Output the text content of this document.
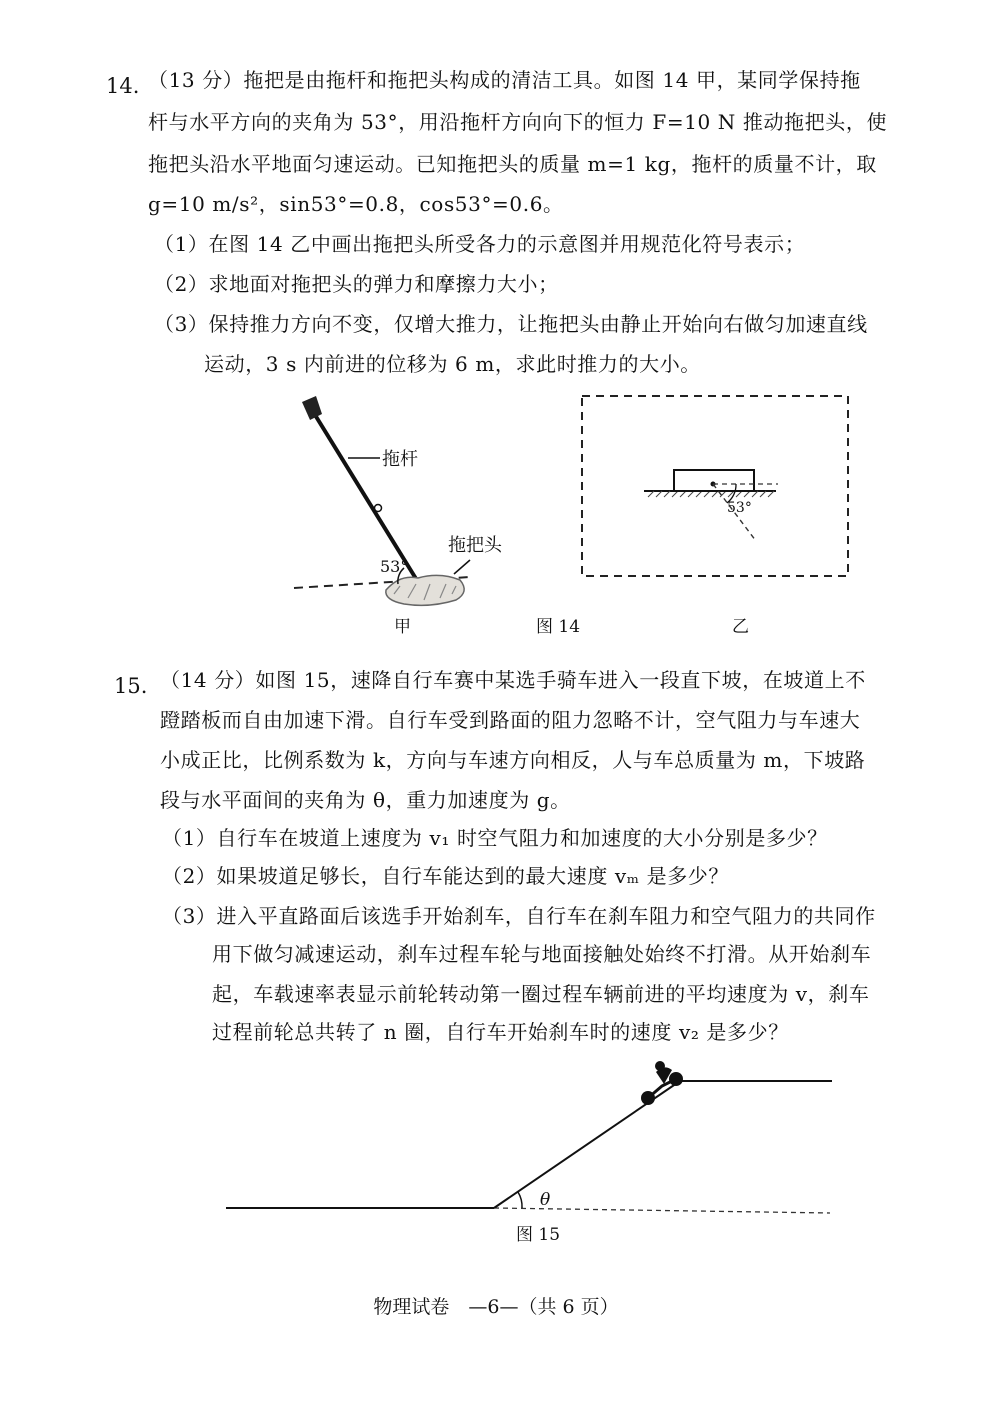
14. （13 分）拖把是由拖杆和拖把头构成的清洁工具。如图 14 甲，某同学保持拖
杆与水平方向的夹角为 53°，用沿拖杆方向向下的恒力 F=10 N 推动拖把头，使
拖把头沿水平地面匀速运动。已知拖把头的质量 m=1 kg，拖杆的质量不计，取
g=10 m/s²，sin53°=0.8，cos53°=0.6。
（1）在图 14 乙中画出拖把头所受各力的示意图并用规范化符号表示；
（2）求地面对拖把头的弹力和摩擦力大小；
（3）保持推力方向不变，仅增大推力，让拖把头由静止开始向右做匀加速直线
运动，3 s 内前进的位移为 6 m，求此时推力的大小。
拖杆
拖把头
53°
53°
甲	图 14	乙
15. （14 分）如图 15，速降自行车赛中某选手骑车进入一段直下坡，在坡道上不
蹬踏板而自由加速下滑。自行车受到路面的阻力忽略不计，空气阻力与车速大
小成正比，比例系数为 k，方向与车速方向相反，人与车总质量为 m，下坡路
段与水平面间的夹角为 θ，重力加速度为 g。
（1）自行车在坡道上速度为 v₁ 时空气阻力和加速度的大小分别是多少？
（2）如果坡道足够长，自行车能达到的最大速度 vₘ 是多少？
（3）进入平直路面后该选手开始刹车，自行车在刹车阻力和空气阻力的共同作
用下做匀减速运动，刹车过程车轮与地面接触处始终不打滑。从开始刹车
起，车载速率表显示前轮转动第一圈过程车辆前进的平均速度为 v，刹车
过程前轮总共转了 n 圈，自行车开始刹车时的速度 v₂ 是多少？
θ
图 15
物理试卷　—6—（共 6 页）
